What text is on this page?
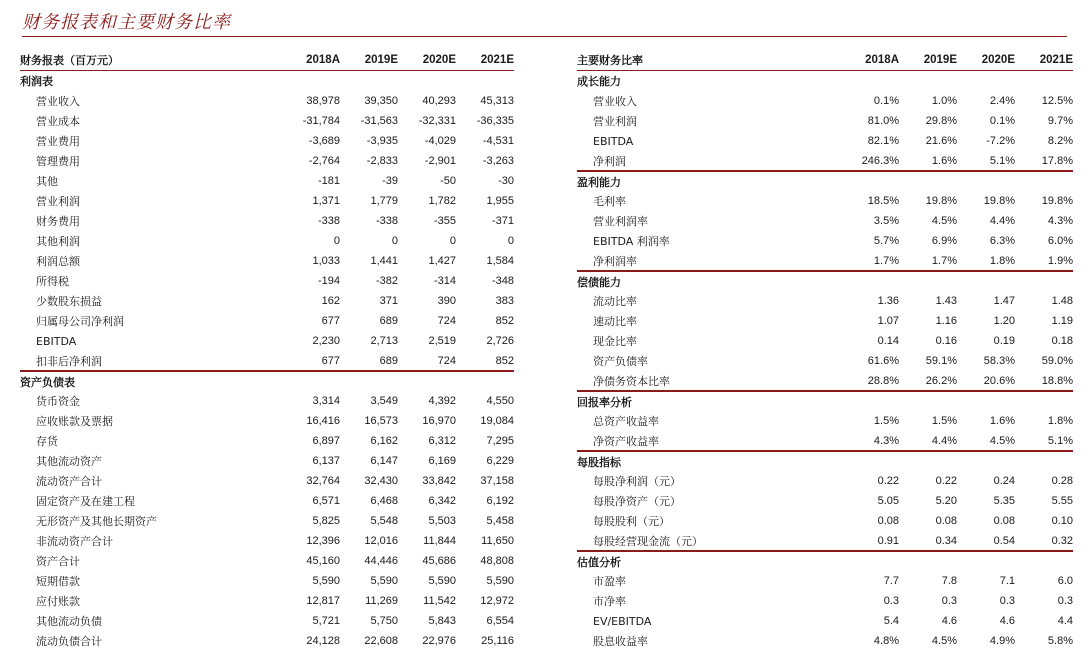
财务报表和主要财务比率
财务报表（百万元）	2018A	2019E	2020E	2021E
利润表
营业收入	38,978	39,350	40,293	45,313
营业成本	-31,784	-31,563	-32,331	-36,335
营业费用	-3,689	-3,935	-4,029	-4,531
管理费用	-2,764	-2,833	-2,901	-3,263
其他	-181	-39	-50	-30
营业利润	1,371	1,779	1,782	1,955
财务费用	-338	-338	-355	-371
其他利润	0	0	0	0
利润总额	1,033	1,441	1,427	1,584
所得税	-194	-382	-314	-348
少数股东损益	162	371	390	383
归属母公司净利润	677	689	724	852
EBITDA	2,230	2,713	2,519	2,726
扣非后净利润	677	689	724	852
资产负债表
货币资金	3,314	3,549	4,392	4,550
应收账款及票据	16,416	16,573	16,970	19,084
存货	6,897	6,162	6,312	7,295
其他流动资产	6,137	6,147	6,169	6,229
流动资产合计	32,764	32,430	33,842	37,158
固定资产及在建工程	6,571	6,468	6,342	6,192
无形资产及其他长期资产	5,825	5,548	5,503	5,458
非流动资产合计	12,396	12,016	11,844	11,650
资产合计	45,160	44,446	45,686	48,808
短期借款	5,590	5,590	5,590	5,590
应付账款	12,817	11,269	11,542	12,972
其他流动负债	5,721	5,750	5,843	6,554
流动负债合计	24,128	22,608	22,976	25,116
主要财务比率	2018A	2019E	2020E	2021E
成长能力
营业收入	0.1%	1.0%	2.4%	12.5%
营业利润	81.0%	29.8%	0.1%	9.7%
EBITDA	82.1%	21.6%	-7.2%	8.2%
净利润	246.3%	1.6%	5.1%	17.8%
盈利能力
毛利率	18.5%	19.8%	19.8%	19.8%
营业利润率	3.5%	4.5%	4.4%	4.3%
EBITDA 利润率	5.7%	6.9%	6.3%	6.0%
净利润率	1.7%	1.7%	1.8%	1.9%
偿债能力
流动比率	1.36	1.43	1.47	1.48
速动比率	1.07	1.16	1.20	1.19
现金比率	0.14	0.16	0.19	0.18
资产负债率	61.6%	59.1%	58.3%	59.0%
净债务资本比率	28.8%	26.2%	20.6%	18.8%
回报率分析
总资产收益率	1.5%	1.5%	1.6%	1.8%
净资产收益率	4.3%	4.4%	4.5%	5.1%
每股指标
每股净利润（元）	0.22	0.22	0.24	0.28
每股净资产（元）	5.05	5.20	5.35	5.55
每股股利（元）	0.08	0.08	0.08	0.10
每股经营现金流（元）	0.91	0.34	0.54	0.32
估值分析
市盈率	7.7	7.8	7.1	6.0
市净率	0.3	0.3	0.3	0.3
EV/EBITDA	5.4	4.6	4.6	4.4
股息收益率	4.8%	4.5%	4.9%	5.8%
